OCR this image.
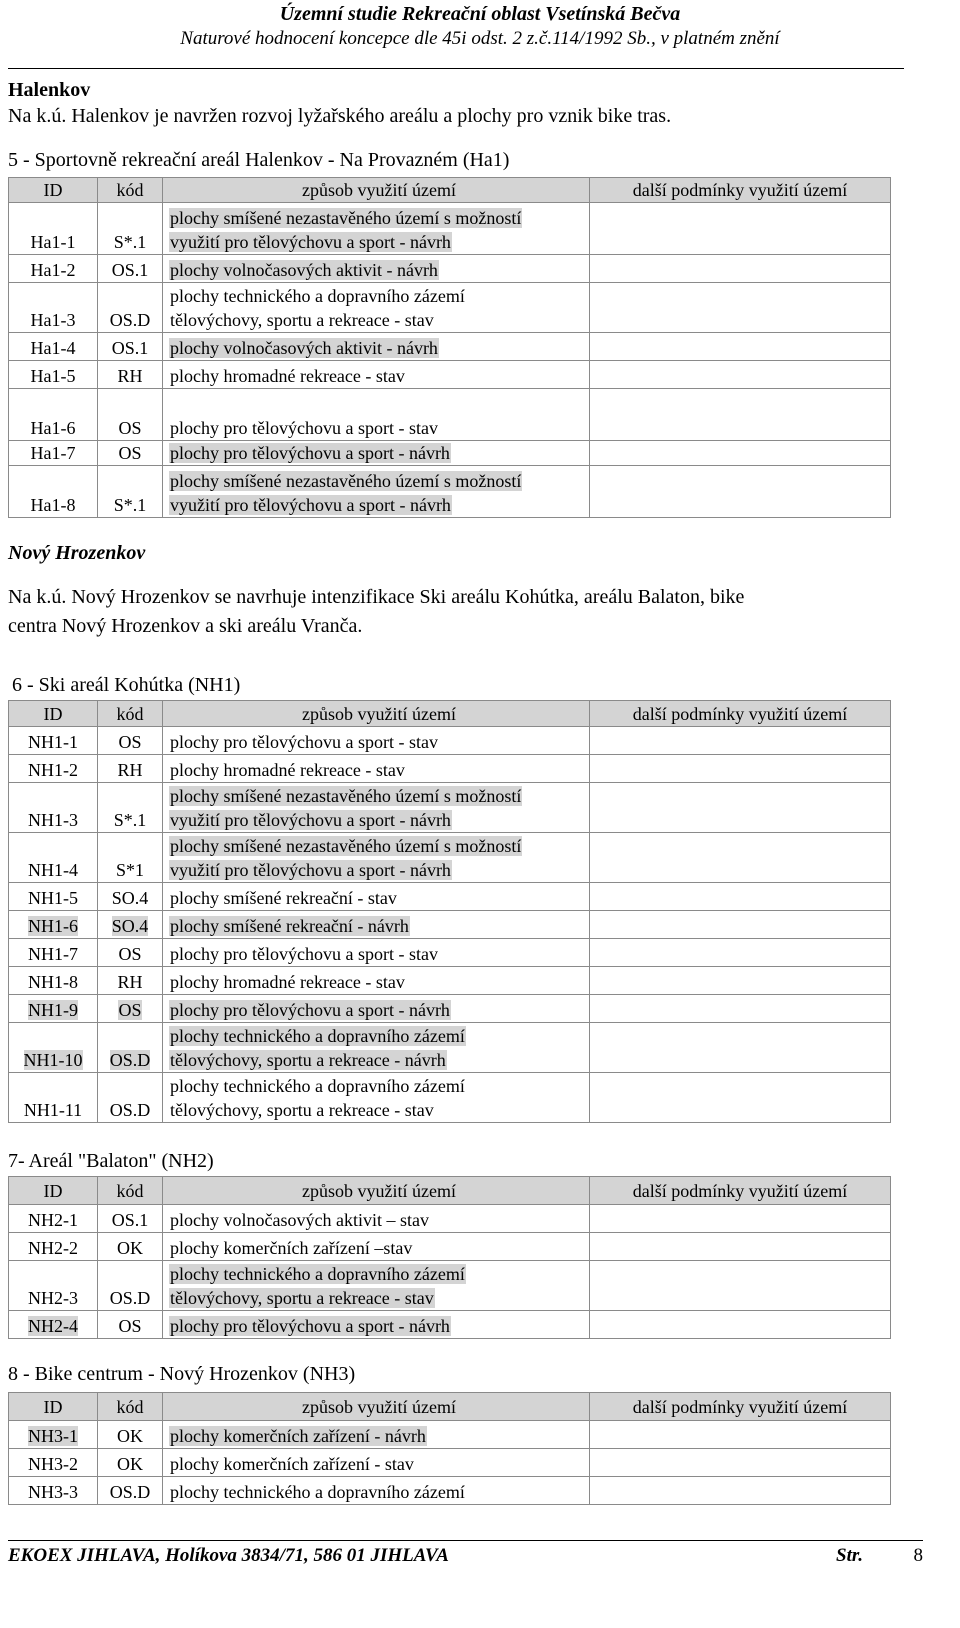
Územní studie Rekreační oblast Vsetínská Bečva
Naturové hodnocení koncepce dle 45i odst. 2 z.č.114/1992 Sb., v platném znění
Halenkov
Na k.ú. Halenkov je navržen rozvoj lyžařského areálu a plochy pro vznik bike tras.
5 - Sportovně rekreační areál Halenkov - Na Provazném (Ha1)
ID	kód	způsob využití území	další podmínky využití území
Ha1-1	S*.1	plochy smíšené nezastavěného území s možností
využití pro tělovýchovu a sport - návrh	

Ha1-2	OS.1	plochy volnočasových aktivit - návrh	

Ha1-3	OS.D	plochy technického a dopravního zázemí
tělovýchovy, sportu a rekreace - stav	

Ha1-4	OS.1	plochy volnočasových aktivit - návrh	

Ha1-5	RH	plochy hromadné rekreace - stav	

Ha1-6	OS	plochy pro tělovýchovu a sport - stav	

Ha1-7	OS	plochy pro tělovýchovu a sport - návrh	

Ha1-8	S*.1	plochy smíšené nezastavěného území s možností
využití pro tělovýchovu a sport - návrh	

Nový Hrozenkov
Na k.ú. Nový Hrozenkov se navrhuje intenzifikace Ski areálu Kohútka, areálu Balaton, bike
centra Nový Hrozenkov a ski areálu Vranča.
6 - Ski areál Kohútka (NH1)
ID	kód	způsob využití území	další podmínky využití území
NH1-1	OS	plochy pro tělovýchovu a sport - stav	

NH1-2	RH	plochy hromadné rekreace - stav	

NH1-3	S*.1	plochy smíšené nezastavěného území s možností
využití pro tělovýchovu a sport - návrh	

NH1-4	S*1	plochy smíšené nezastavěného území s možností
využití pro tělovýchovu a sport - návrh	

NH1-5	SO.4	plochy smíšené rekreační - stav	

NH1-6	SO.4	plochy smíšené rekreační - návrh	

NH1-7	OS	plochy pro tělovýchovu a sport - stav	

NH1-8	RH	plochy hromadné rekreace - stav	

NH1-9	OS	plochy pro tělovýchovu a sport - návrh	

NH1-10	OS.D	plochy technického a dopravního zázemí
tělovýchovy, sportu a rekreace - návrh	

NH1-11	OS.D	plochy technického a dopravního zázemí
tělovýchovy, sportu a rekreace - stav	

7- Areál "Balaton" (NH2)
ID	kód	způsob využití území	další podmínky využití území
NH2-1	OS.1	plochy volnočasových aktivit – stav	

NH2-2	OK	plochy komerčních zařízení –stav	

NH2-3	OS.D	plochy technického a dopravního zázemí
tělovýchovy, sportu a rekreace - stav	

NH2-4	OS	plochy pro tělovýchovu a sport - návrh	

8 - Bike centrum - Nový Hrozenkov (NH3)
ID	kód	způsob využití území	další podmínky využití území
NH3-1	OK	plochy komerčních zařízení - návrh	

NH3-2	OK	plochy komerčních zařízení - stav	

NH3-3	OS.D	plochy technického a dopravního zázemí	

EKOEX JIHLAVA, Holíkova 3834/71, 586 01 JIHLAVA	Str.	8
